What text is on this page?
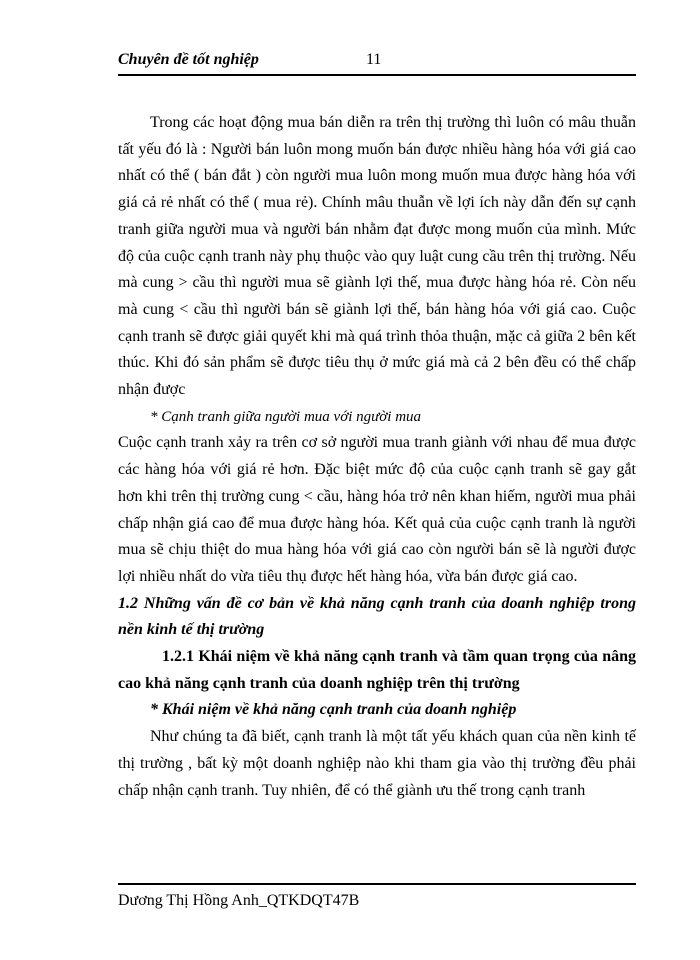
Chuyên đề tốt nghiệp	11

Trong các hoạt động mua bán diễn ra trên thị trường thì luôn có mâu thuẫn tất yếu đó là : Người bán luôn mong muốn bán được nhiều hàng hóa với giá cao nhất có thể ( bán đắt ) còn người mua luôn mong muốn mua được hàng hóa với giá cả rẻ nhất có thể ( mua rẻ). Chính mâu thuẫn về lợi ích này dẫn đến sự cạnh tranh giữa người mua và người bán nhằm đạt được mong muốn của mình. Mức độ của cuộc cạnh tranh này phụ thuộc vào quy luật cung cầu trên thị trường. Nếu mà cung > cầu thì người mua sẽ giành lợi thế, mua được hàng hóa rẻ. Còn nếu mà cung < cầu thì người bán sẽ giành lợi thế, bán hàng hóa với giá cao. Cuộc cạnh tranh sẽ được giải quyết khi mà quá trình thỏa thuận, mặc cả giữa 2 bên kết thúc. Khi đó sản phẩm sẽ được tiêu thụ ở mức giá mà cả 2 bên đều có thể chấp nhận được

* Cạnh tranh giữa người mua với người mua

Cuộc cạnh tranh xảy ra trên cơ sở người mua tranh giành với nhau để mua được các hàng hóa với giá rẻ hơn. Đặc biệt mức độ của cuộc cạnh tranh sẽ gay gắt hơn khi trên thị trường cung < cầu, hàng hóa trở nên khan hiếm, người mua phải chấp nhận giá cao để mua được hàng hóa. Kết quả của cuộc cạnh tranh là người mua sẽ chịu thiệt do mua hàng hóa với giá cao còn người bán sẽ là người được lợi nhiều nhất do vừa tiêu thụ được hết hàng hóa, vừa bán được giá cao.

1.2 Những vấn đề cơ bản về khả năng cạnh tranh của doanh nghiệp trong nền kinh tế thị trường
1.2.1 Khái niệm về khả năng cạnh tranh và tầm quan trọng của nâng cao khả năng cạnh tranh của doanh nghiệp trên thị trường

* Khái niệm về khả năng cạnh tranh của doanh nghiệp

Như chúng ta đã biết, cạnh tranh là một tất yếu khách quan của nền kinh tế thị trường , bất kỳ một doanh nghiệp nào khi tham gia vào thị trường đều phải chấp nhận cạnh tranh. Tuy nhiên, để có thể giành ưu thế trong cạnh tranh

Dương Thị Hồng Anh_QTKDQT47B
